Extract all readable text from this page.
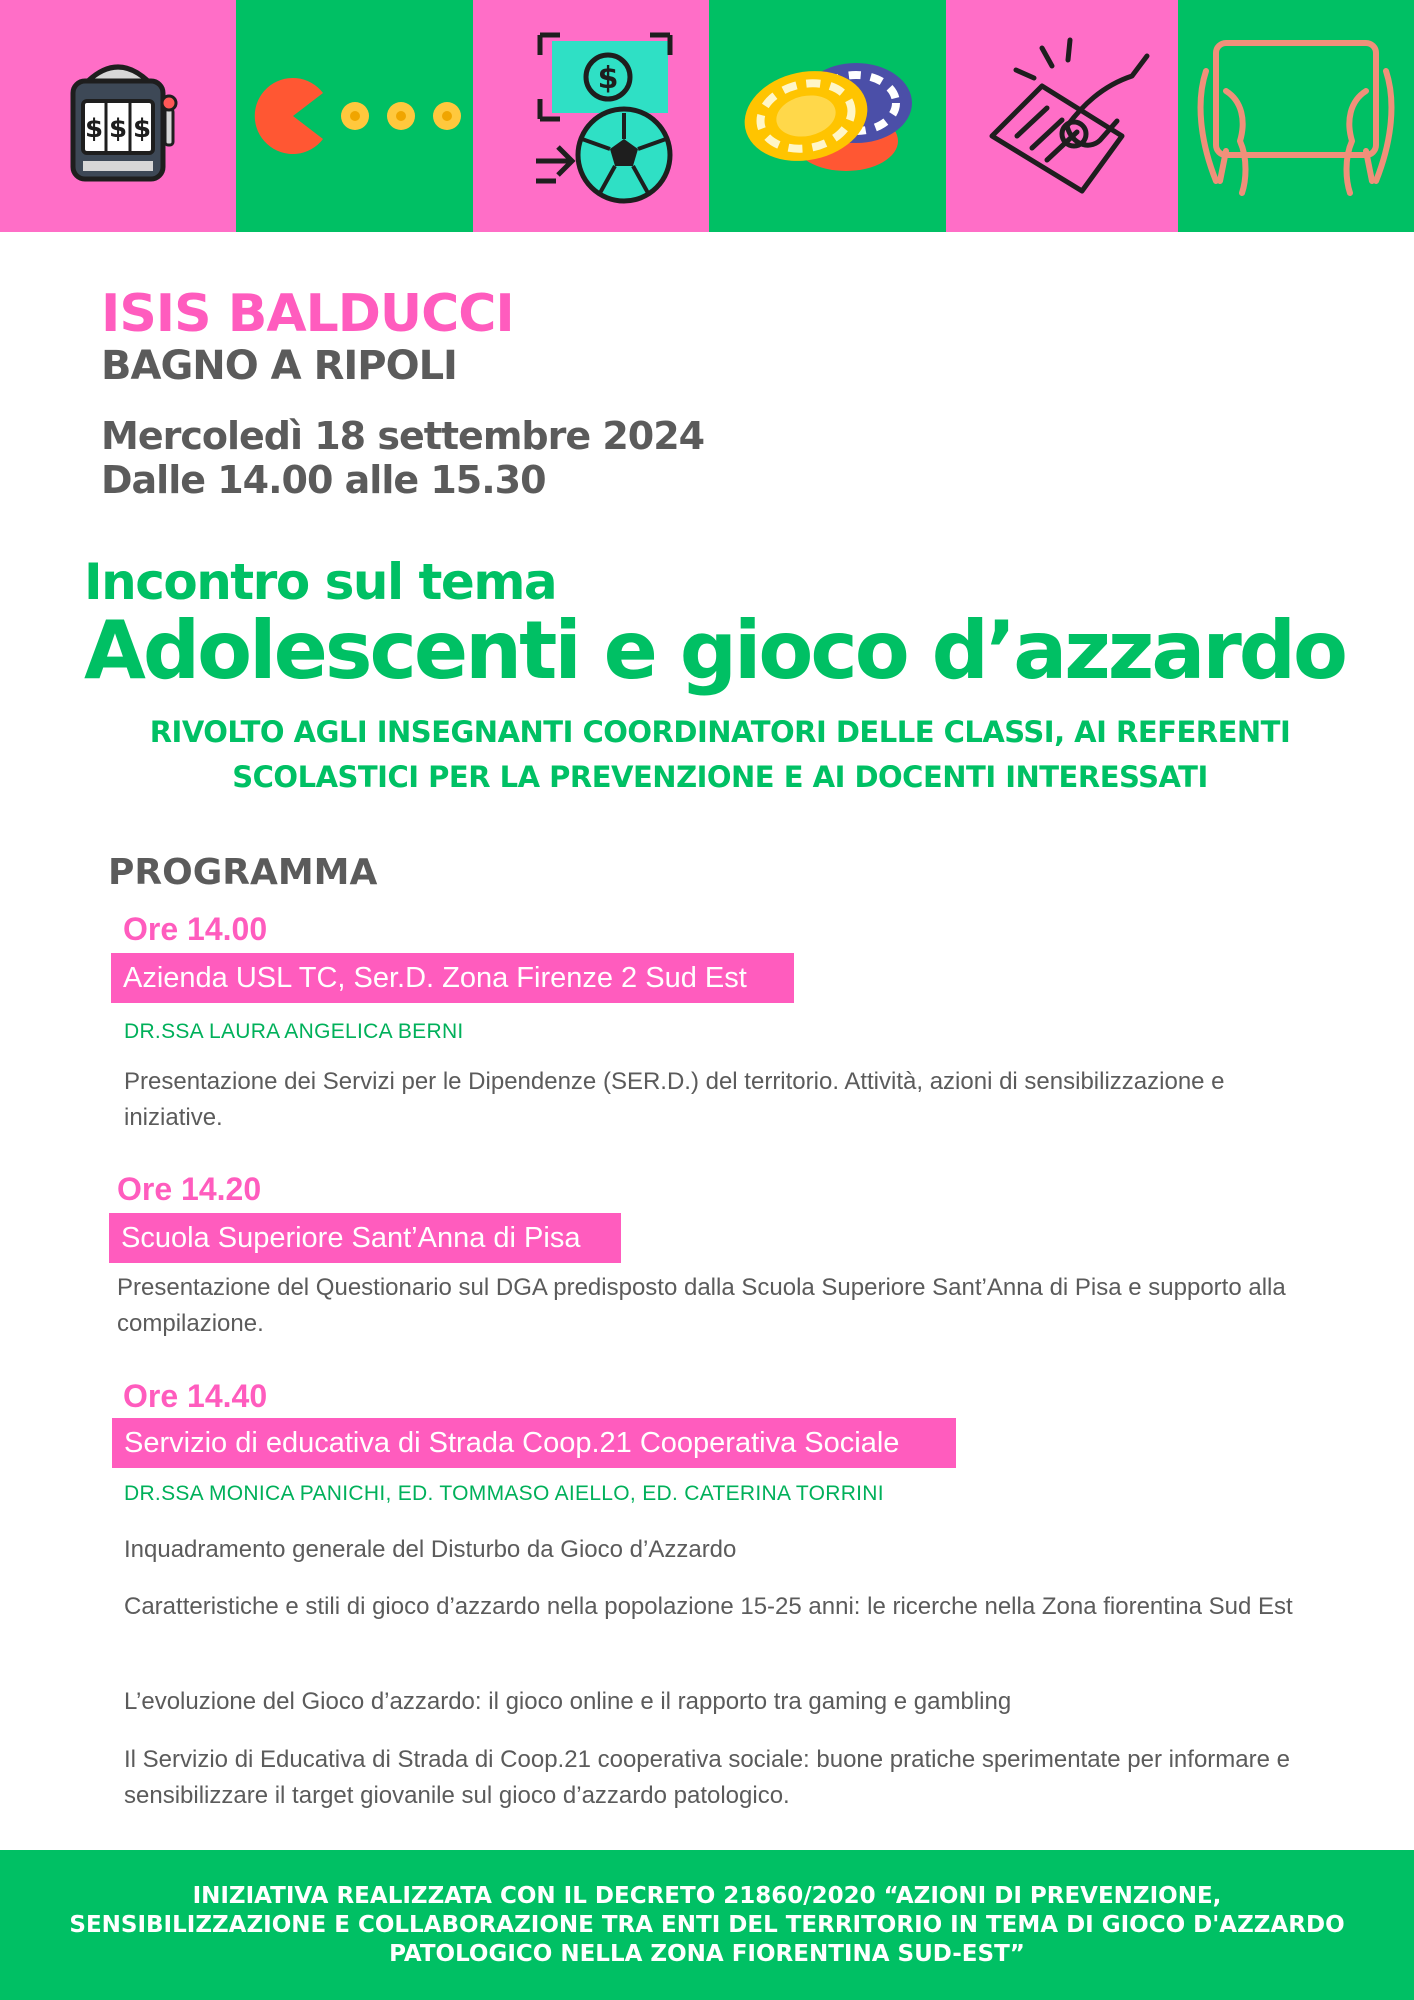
$ $ $
$
ISIS BALDUCCI
BAGNO A RIPOLI
Mercoledì 18 settembre 2024
Dalle 14.00 alle 15.30
Incontro sul tema
Adolescenti e gioco d’azzardo
RIVOLTO AGLI INSEGNANTI COORDINATORI DELLE CLASSI, AI REFERENTI
SCOLASTICI PER LA PREVENZIONE E AI DOCENTI INTERESSATI
PROGRAMMA
Ore 14.00
Azienda USL TC, Ser.D. Zona Firenze 2 Sud Est
DR.SSA LAURA ANGELICA BERNI
Presentazione dei Servizi per le Dipendenze (SER.D.) del territorio. Attività, azioni di sensibilizzazione e iniziative.
Ore 14.20
Scuola Superiore Sant’Anna di Pisa
Presentazione del Questionario sul DGA predisposto dalla Scuola Superiore Sant’Anna di Pisa e supporto alla compilazione.
Ore 14.40
Servizio di educativa di Strada Coop.21 Cooperativa Sociale
DR.SSA MONICA PANICHI, ED. TOMMASO AIELLO, ED. CATERINA TORRINI
Inquadramento generale del Disturbo da Gioco d’Azzardo
Caratteristiche e stili di gioco d’azzardo nella popolazione 15-25 anni: le ricerche nella Zona fiorentina Sud Est
L’evoluzione del Gioco d’azzardo: il gioco online e il rapporto tra gaming e gambling
Il Servizio di Educativa di Strada di Coop.21 cooperativa sociale: buone pratiche sperimentate per informare e sensibilizzare il target giovanile sul gioco d’azzardo patologico.
INIZIATIVA REALIZZATA CON IL DECRETO 21860/2020 “AZIONI DI PREVENZIONE, SENSIBILIZZAZIONE E COLLABORAZIONE TRA ENTI DEL TERRITORIO IN TEMA DI GIOCO D'AZZARDO PATOLOGICO NELLA ZONA FIORENTINA SUD-EST”
